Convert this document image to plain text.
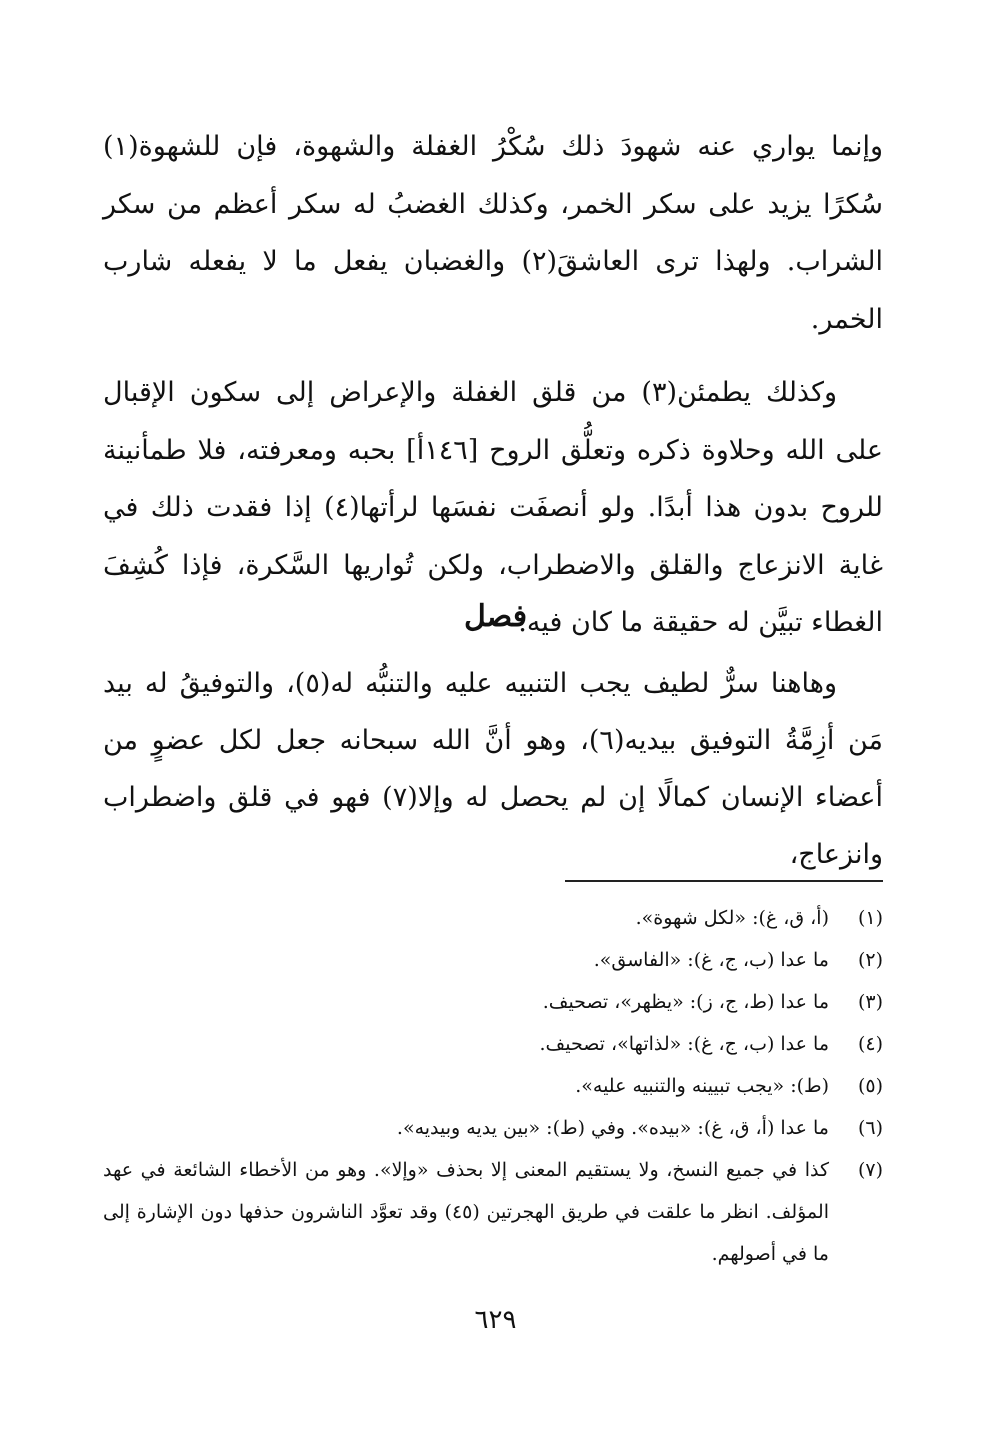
وإنما يواري عنه شهودَ ذلك سُكْرُ الغفلة والشهوة، فإن للشهوة(١) سُكرًا يزيد على سكر الخمر، وكذلك الغضبُ له سكر أعظم من سكر الشراب. ولهذا ترى العاشقَ(٢) والغضبان يفعل ما لا يفعله شارب الخمر.

وكذلك يطمئن(٣) من قلق الغفلة والإعراض إلى سكون الإقبال على الله وحلاوة ذكره وتعلُّق الروح [١٤٦أ] بحبه ومعرفته، فلا طمأنينة للروح بدون هذا أبدًا. ولو أنصفَت نفسَها لرأتها(٤) إذا فقدت ذلك في غاية الانزعاج والقلق والاضطراب، ولكن تُواريها السَّكرة، فإذا كُشِفَ الغطاء تبيَّن له حقيقة ما كان فيه.

فصل

وهاهنا سرٌّ لطيف يجب التنبيه عليه والتنبُّه له(٥)، والتوفيقُ له بيد مَن أزِمَّةُ التوفيق بيديه(٦)، وهو أنَّ الله سبحانه جعل لكل عضوٍ من أعضاء الإنسان كمالًا إن لم يحصل له وإلا(٧) فهو في قلق واضطراب وانزعاج،

(١)
(أ، ق، غ): «لكل شهوة».
(٢)
ما عدا (ب، ج، غ): «الفاسق».
(٣)
ما عدا (ط، ج، ز): «يظهر»، تصحيف.
(٤)
ما عدا (ب، ج، غ): «لذاتها»، تصحيف.
(٥)
(ط): «يجب تبيينه والتنبيه عليه».
(٦)
ما عدا (أ، ق، غ): «بيده». وفي (ط): «بين يديه وبيديه».
(٧)
كذا في جميع النسخ، ولا يستقيم المعنى إلا بحذف «وإلا». وهو من الأخطاء الشائعة في عهد المؤلف. انظر ما علقت في طريق الهجرتين (٤٥) وقد تعوَّد الناشرون حذفها دون الإشارة إلى ما في أصولهم.
٦٢٩
